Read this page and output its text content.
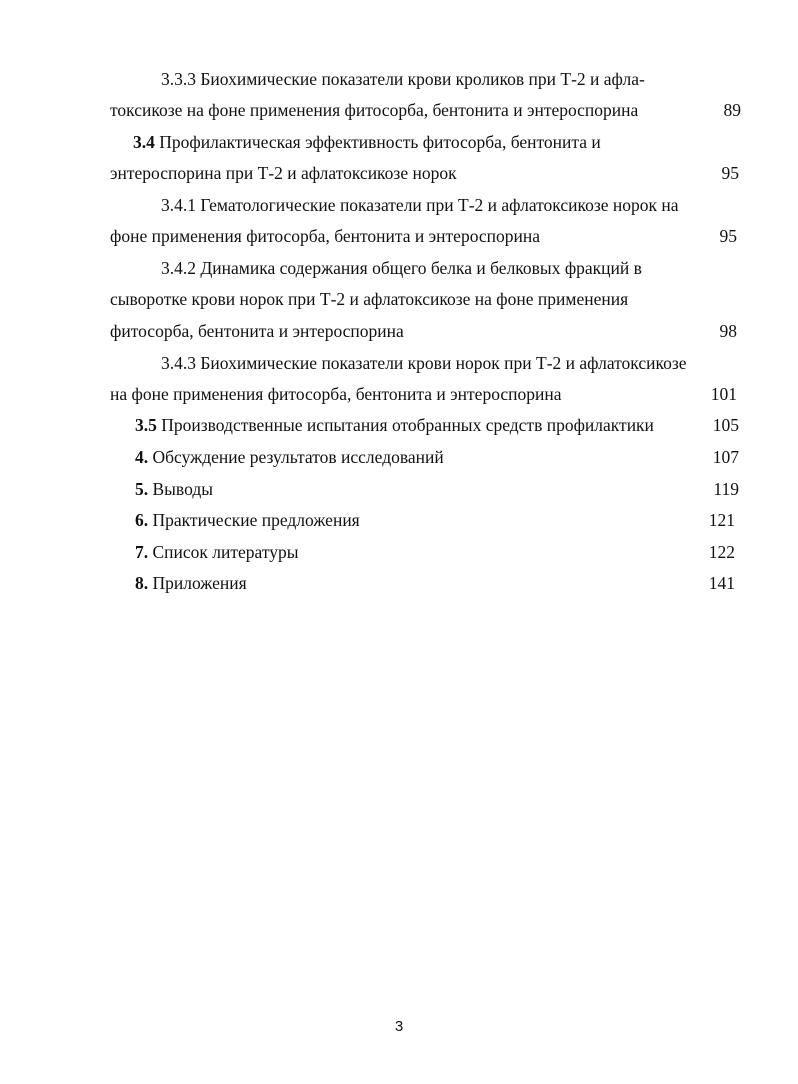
3.3.3 Биохимические показатели крови кроликов при Т-2 и афла-
токсикозе на фоне применения фитосорба, бентонита и энтероспорина	89
3.4 Профилактическая эффективность фитосорба, бентонита и
энтероспорина при Т-2 и афлатоксикозе норок	95
3.4.1 Гематологические показатели при Т-2 и афлатоксикозе норок на
фоне применения фитосорба, бентонита и энтероспорина	95
3.4.2 Динамика содержания общего белка и белковых фракций в
сыворотке крови норок при Т-2 и афлатоксикозе на фоне применения
фитосорба, бентонита и энтероспорина	98
3.4.3 Биохимические показатели крови норок при Т-2 и афлатоксикозе
на фоне применения фитосорба, бентонита и энтероспорина	101
3.5 Производственные испытания отобранных средств профилактики	105
4. Обсуждение результатов исследований	107
5. Выводы	119
6. Практические предложения	121
7. Список литературы	122
8. Приложения	141
3
